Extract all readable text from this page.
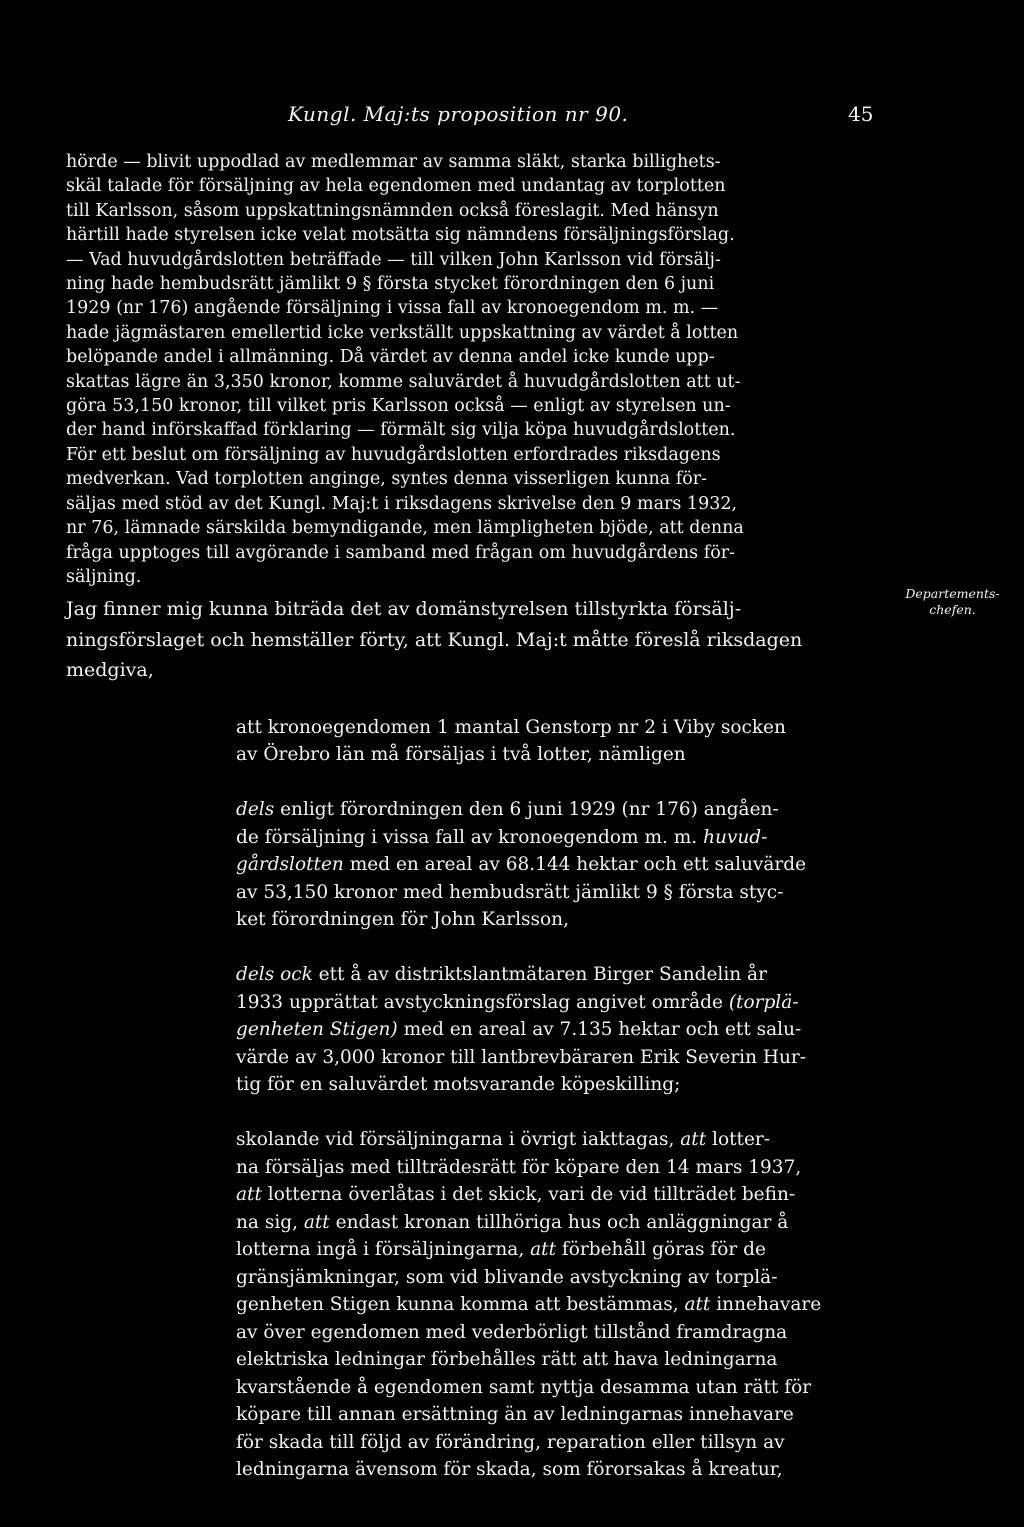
Kungl. Maj:ts proposition nr 90.	45
hörde — blivit uppodlad av medlemmar av samma släkt, starka billighets-
skäl talade för försäljning av hela egendomen med undantag av torplotten
till Karlsson, såsom uppskattningsnämnden också föreslagit. Med hänsyn
härtill hade styrelsen icke velat motsätta sig nämndens försäljningsförslag.
— Vad huvudgårdslotten beträffade — till vilken John Karlsson vid försälj-
ning hade hembudsrätt jämlikt 9 § första stycket förordningen den 6 juni
1929 (nr 176) angående försäljning i vissa fall av kronoegendom m. m. —
hade jägmästaren emellertid icke verkställt uppskattning av värdet å lotten
belöpande andel i allmänning. Då värdet av denna andel icke kunde upp-
skattas lägre än 3,350 kronor, komme saluvärdet å huvudgårdslotten att ut-
göra 53,150 kronor, till vilket pris Karlsson också — enligt av styrelsen un-
der hand införskaffad förklaring — förmält sig vilja köpa huvudgårdslotten.
För ett beslut om försäljning av huvudgårdslotten erfordrades riksdagens
medverkan. Vad torplotten anginge, syntes denna visserligen kunna för-
säljas med stöd av det Kungl. Maj:t i riksdagens skrivelse den 9 mars 1932,
nr 76, lämnade särskilda bemyndigande, men lämpligheten bjöde, att denna
fråga upptoges till avgörande i samband med frågan om huvudgårdens för-
säljning.
Jag finner mig kunna biträda det av domänstyrelsen tillstyrkta försälj-
ningsförslaget och hemställer förty, att Kungl. Maj:t måtte föreslå riksdagen
medgiva,
Departements-
chefen.

att kronoegendomen 1 mantal Genstorp nr 2 i Viby socken
av Örebro län må försäljas i två lotter, nämligen

dels enligt förordningen den 6 juni 1929 (nr 176) angåen-
de försäljning i vissa fall av kronoegendom m. m. huvud-
gårdslotten med en areal av 68.144 hektar och ett saluvärde
av 53,150 kronor med hembudsrätt jämlikt 9 § första styc-
ket förordningen för John Karlsson,

dels ock ett å av distriktslantmätaren Birger Sandelin år
1933 upprättat avstyckningsförslag angivet område (torplä-
genheten Stigen) med en areal av 7.135 hektar och ett salu-
värde av 3,000 kronor till lantbrevbäraren Erik Severin Hur-
tig för en saluvärdet motsvarande köpeskilling;

skolande vid försäljningarna i övrigt iakttagas, att lotter-
na försäljas med tillträdesrätt för köpare den 14 mars 1937,
att lotterna överlåtas i det skick, vari de vid tillträdet befin-
na sig, att endast kronan tillhöriga hus och anläggningar å
lotterna ingå i försäljningarna, att förbehåll göras för de
gränsjämkningar, som vid blivande avstyckning av torplä-
genheten Stigen kunna komma att bestämmas, att innehavare
av över egendomen med vederbörligt tillstånd framdragna
elektriska ledningar förbehålles rätt att hava ledningarna
kvarstående å egendomen samt nyttja desamma utan rätt för
köpare till annan ersättning än av ledningarnas innehavare
för skada till följd av förändring, reparation eller tillsyn av
ledningarna ävensom för skada, som förorsakas å kreatur,
